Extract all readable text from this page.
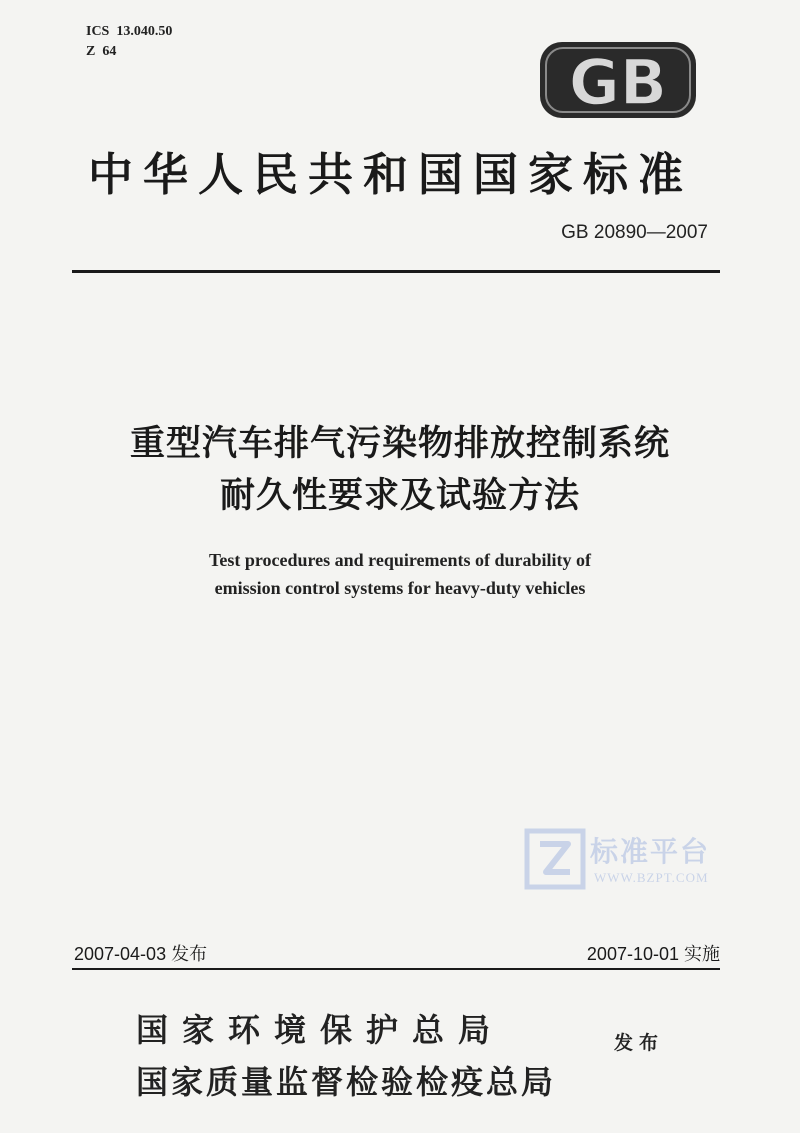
ICS  13.040.50
Z  64	GB
中华人民共和国国家标准
GB 20890—2007
重型汽车排气污染物排放控制系统
耐久性要求及试验方法
Test procedures and requirements of durability of
emission control systems for heavy-duty vehicles
标准平台
WWW.BZPT.COM
2007-04-03 发布	2007-10-01 实施
国家环境保护总局
国家质量监督检验检疫总局
发布
